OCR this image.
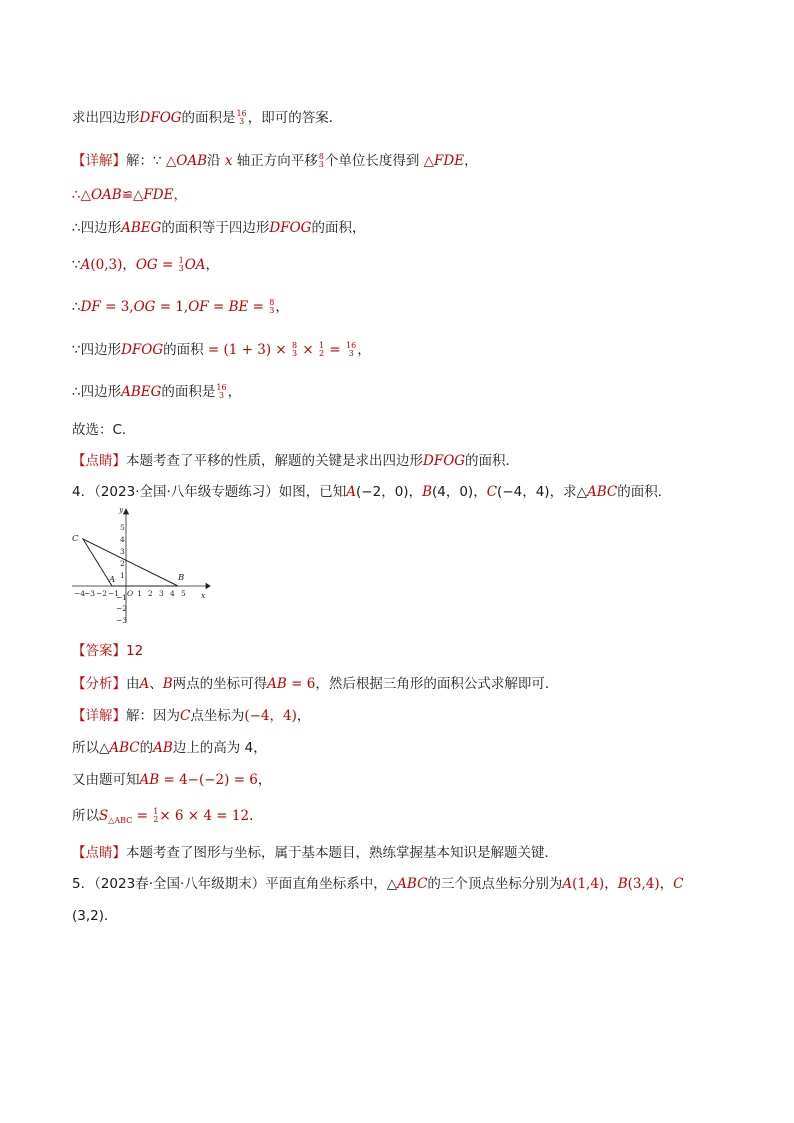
求出四边形DFOG的面积是 16
3 ，即可的答案．
【详解】解：∵ △OAB沿 x 轴正方向平移 8
3 个单位长度得到 △FDE，
∴△OAB≌△FDE，
∴四边形ABEG的面积等于四边形DFOG的面积，
∵A(0,3)，OG = 1
3 OA，
∴DF = 3,OG = 1,OF = BE = 8
3 ，
∵四边形DFOG的面积 = (1 + 3) × 8
3 × 1
2 = 16
3 ，
∴四边形ABEG的面积是 16
3 ，
故选：C．
【点睛】本题考查了平移的性质，解题的关键是求出四边形DFOG的面积．
4．（2023·全国·八年级专题练习）如图，已知A(−2，0)，B(4，0)，C(−4，4)，求△ABC的面积．
y
x
O
C
A	B
−4
−3 −2 −1 1 2 3 4 5
1
2
3
4
5
−1
−2
−3
【答案】12
【分析】由A、B两点的坐标可得AB = 6，然后根据三角形的面积公式求解即可．
【详解】解：因为C点坐标为(−4，4)，
所以△ABC的AB边上的高为 4，
又由题可知AB = 4−(−2) = 6，
所以$S_{\triangle ABC} = 1$
2 × 6 × 4 = 12．
【点睛】本题考查了图形与坐标，属于基本题目，熟练掌握基本知识是解题关键．
5．（2023春·全国·八年级期末）平面直角坐标系中，△ABC的三个顶点坐标分别为A(1,4)，B(3,4)，C
(3,2)．
